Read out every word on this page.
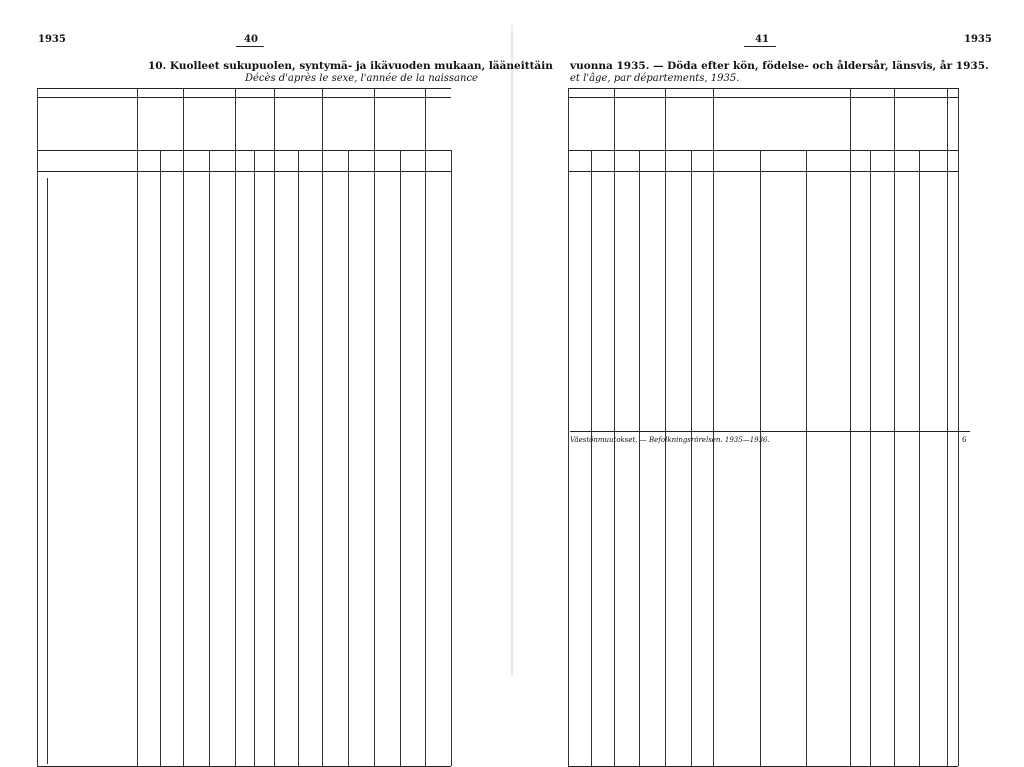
1935	40	41	1935
10. Kuolleet sukupuolen, syntymä- ja ikävuoden mukaan, lääneittäin
Décès d'après le sexe, l'année de la naissance
vuonna 1935. — Döda efter kön, födelse- och åldersår, länsvis, år 1935.
et l'âge, par départements, 1935.
Väestönmuutokset. — Befolkningsrörelsen. 1935—1936.	6
